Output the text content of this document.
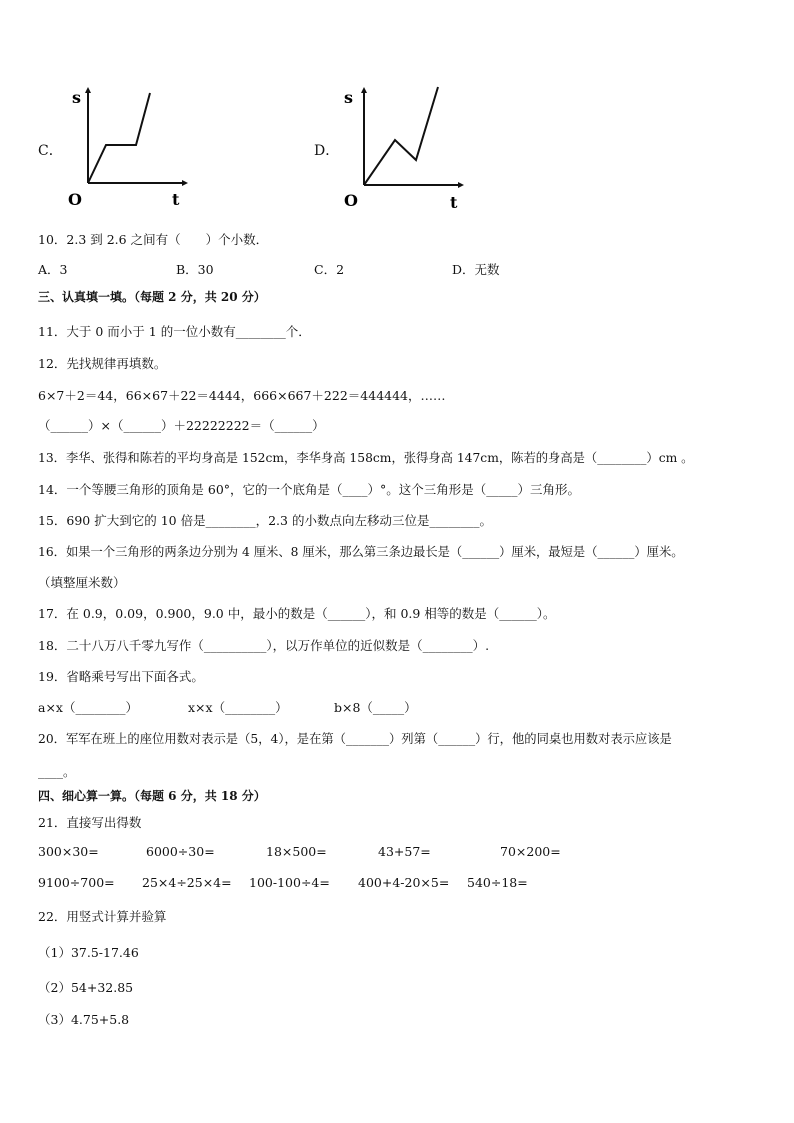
C．
s
O	t
D．
s
O	t
10．2.3 到 2.6 之间有（　　）个小数．
A．3	B．30	C．2	D．无数
三、认真填一填。（每题 2 分，共 20 分）
11．大于 0 而小于 1 的一位小数有________个．
12．先找规律再填数。
6×7＋2＝44，66×67＋22＝4444，666×667＋222＝444444，……
（______）×（______）＋22222222＝（______）
13．李华、张得和陈若的平均身高是 152cm，李华身高 158cm，张得身高 147cm，陈若的身高是（________）cm 。
14．一个等腰三角形的顶角是 60°，它的一个底角是（____）°。这个三角形是（_____）三角形。
15．690 扩大到它的 10 倍是________，2.3 的小数点向左移动三位是________。
16．如果一个三角形的两条边分别为 4 厘米、8 厘米，那么第三条边最长是（______）厘米，最短是（______）厘米。
（填整厘米数）
17．在 0.9，0.09，0.900，9.0 中，最小的数是（______），和 0.9 相等的数是（______）。
18．二十八万八千零九写作（__________），以万作单位的近似数是（________）.
19．省略乘号写出下面各式。
a×x（________）	x×x（________）	b×8（_____）
20．军军在班上的座位用数对表示是（5，4），是在第（_______）列第（______）行，他的同桌也用数对表示应该是
____。
四、细心算一算。（每题 6 分，共 18 分）
21．直接写出得数
300×30=	6000÷30=	18×500=	43+57=	70×200=
9100÷700= 25×4÷25×4= 100-100÷4= 400+4-20×5= 540÷18=
22．用竖式计算并验算
（1）37.5-17.46
（2）54+32.85
（3）4.75+5.8
